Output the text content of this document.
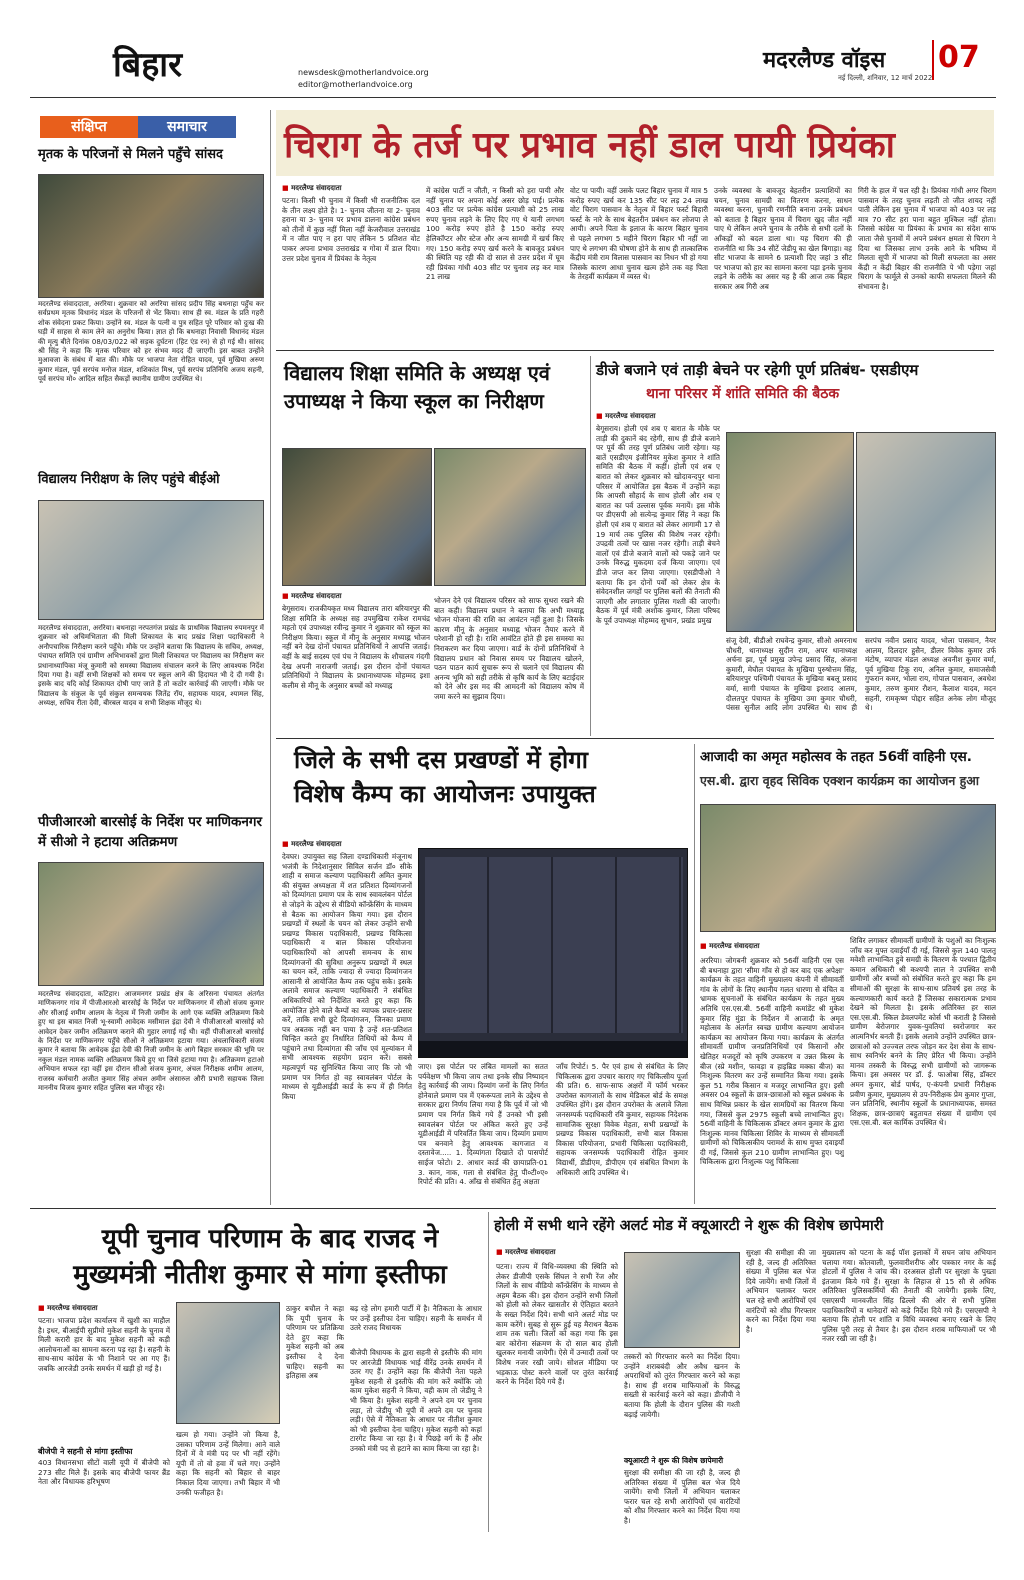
बिहार	newsdesk@motherlandvoice.org
editor@motherlandvoice.org
मदरलैण्ड वॉइस 07
नई दिल्ली, शनिवार, 12 मार्च 2022
संक्षिप्त	समाचार
मृतक के परिजनों से मिलने पहुँचे सांसद
मदरलैण्ड संवाददाता, अररिया। शुक्रवार को अररिया सांसद प्रदीप सिंह बथनाहा पहुँच कर सर्वप्रथम मृतक विधानंद मंडल के परिजनों से भेंट किया। साथ ही स्व. मंडल के प्रति गहरी शोक संवेदना प्रकट किया। उन्होंने स्व. मंडल के पत्नी व पुत्र सहित पूरे परिवार को दुःख की घड़ी में साहस से काम लेने का अनुरोध किया। ज्ञात हो कि बथनाहा निवासी विधानंद मंडल की मृत्यु बीते दिनांक 08/03/022 को सड़क दुर्घटना (हिट एंड रन) से हो गई थी। सांसद श्री सिंह ने कहा कि मृतक परिवार को हर संभव मदद दी जाएगी। इस बाबत उन्होंने मुआवजा के संबंध में बात की। मौके पर भाजपा नेता रोहित यादव, पूर्व मुखिया अरुण कुमार मंडल, पूर्व सरपंच मनोज मंडल, शशिकांत मिश्र, पूर्व सरपंच प्रतिनिधि अजय सहनी, पूर्व सरपंच मो० आदिल सहित सैकड़ों स्थानीय ग्रामीण उपस्थित थे।
विद्यालय निरीक्षण के लिए पहुंचे बीईओ
मदरलैण्ड संवाददाता, अररिया। बथनाहा नरपतगंज प्रखंड के प्राथमिक विद्यालय रुपमनपुर में शुक्रवार को अचिमभिताता की मिली शिकायत के बाद प्रखंड शिक्षा पदाधिकारी ने अनौपचारिक निरीक्षण करने पहुँचे। मौके पर उन्होंने बताया कि विद्यालय के सचिव, अध्यक्ष, पंचायत समिति एवं ग्रामीण अभिभावकों द्वारा मिली शिकायत पर विद्यालय का निरीक्षण कर प्रधानाध्यापिका मंजू कुमारी को समस्या विद्यालय संचालन करने के लिए आवश्यक निर्देश दिया गया है। वहीं सभी शिक्षकों को समय पर स्कूल आने की हिदायत भी दे दी गयी है। इसके बाद यदि कोई शिकायत दोषी पाए जाते हैं तो कठोर कार्रवाई की जाएगी। मौके पर विद्यालय के संकुल के पूर्व संकुल समन्वयक जितेंद्र रॉय, सहायक यादव, श्यामल सिंह, अध्यक्ष, सचिव रीता देवी, बीरबल यादव व सभी शिक्षक मौजूद थे।
पीजीआरओ बारसोई के निर्देश पर माणिकनगर में सीओ ने हटाया अतिक्रमण
मदरलैण्ड संवाददाता, कटिहार। आजमनगर प्रखंड क्षेत्र के अरिसना पंचायत अंतर्गत माणिकनगर गांव में पीजीआरओ बारसोई के निर्देश पर माणिकनगर में सीओ संजय कुमार और सीआई शमीम आलम के नेतृत्व में निजी जमीन के आगे एक व्यक्ति अतिक्रमण किये हुए था इस बावत निजी भू-स्वामी आवेदक मसीमाल इंद्रा देवी ने पीजीआरओ बारसोई को आवेदन देकर जमीन अतिक्रमण कराने की गुहार लगाई गई थी। वहीं पीजीआरओ बारसोई के निर्देश पर माणिकनगर पहुँचे सीओ ने अतिक्रमण हटाया गया। अंचलाधिकारी संजय कुमार ने बताया कि आवेदक इंद्रा देवी की निजी जमीन के आगे बिहार सरकार की भूमि पर नकुल मंडल नामक व्यक्ति अतिक्रमण किये हुए था जिसे हटाया गया है। अतिक्रमण हटाओ अभियान सफल रहा वहीं इस दौरान सीओ संजय कुमार, अंचल निरीक्षक शमीम आलम, राजस्व कर्मचारी अजीत कुमार सिंह अंचल अमीन अंसारुल औरी प्रभारी सहायक जिला माननीय विजय कुमार सहित पुलिस बल मौजूद रहे।
चिराग के तर्ज पर प्रभाव नहीं डाल पायी प्रियंका
■ मदरलैण्ड संवाददाता
पटना। किसी भी चुनाव में किसी भी राजनीतिक दल के तीन लक्ष्य होते है। 1- चुनाव जीतना या 2- चुनाव हराना या 3- चुनाव पर प्रभाव डालना कांग्रेस प्रबंधन को तीनों में कुछ नहीं मिला नहीं केजरीवाल उत्तराखंड में न जीत पाए न हरा पाए लेकिन 5 प्रतिशत वोट पाकर अपना प्रभाव उत्तराखंड व गोवा में डाल दिया। उत्तर प्रदेश चुनाव में प्रियंका के नेतृत्व
में कांग्रेस पार्टी न जीती, न किसी को हरा पायी और नहीं चुनाव पर अपना कोई असर छोड़ पाई। प्रत्येक 403 सीट पर प्रत्येक कांग्रेस प्रत्याशी को 25 लाख रुपए चुनाव लड़ने के लिए दिए गए थे यानी लगभग 100 करोड़ रुपए होते है 150 करोड़ रुपए हेलिकॉप्टर और स्टेज और अन्य सामग्री में खर्च किए गए। 150 करोड़ रुपए खर्च करने के बावजूद प्रबंधन की स्थिति यह रही की दो साल से उत्तर प्रदेश में घूम रही प्रियंका गांधी 403 सीट पर चुनाव लड़ कर मात्र 21 लाख
वोट पा पायी। वहीं उसके पलट बिहार चुनाव में मात्र 5 करोड़ रुपए खर्च कर 135 सीट पर लड़ 24 लाख वोट चिराग पासवान के नेतृत्व में बिहार फर्स्ट बिहारी फर्स्ट के नारे के साथ बेहतरीन प्रबंधन कर लोजपा ले आयी। अपने पिता के इलाज के कारण बिहार चुनाव से पहले लगभग 5 महीने चिराग बिहार भी नहीं जा पाए थे लगभग की घोषणा होने के साथ ही तात्कालिक केंद्रीय मंत्री राम विलास पासवान का निधन भी हो गया जिसके कारण आधा चुनाव खत्म होने तक वह पिता के तेरहवीं कार्यक्रम में व्यस्त थे।
उनके व्यवस्था के बावजूद बेहतरीन प्रत्याशियों का चयन, चुनाव सामग्री का वितरण करना, साधन व्यवस्था करना, चुनावी रणनीति बनाना उनके प्रबंधन को बताता है बिहार चुनाव में चिराग खुद जीत नहीं पाए थे लेकिन अपने चुनाव के तरीके से सभी दलों के आँकड़ों को बदल डाला था। यह चिराग की ही राजनीति था कि 34 सीटें जेडीयू का खेल बिगाड़ा। वह सीट भाजपा के सामने 6 प्रत्याशी दिए जहां 3 सीट पर भाजपा को हार का सामना करना पड़ा इनके चुनाव लड़ने के तरीके का असर यह है की आज तक बिहार सरकार अब गिरी अब
गिरी के हाल में चल रही है। प्रियंका गांधी अगर चिराग पासवान के तरह चुनाव लड़ती तो जीत शायद नहीं पाती लेकिन इस चुनाव में भाजपा को 403 पर लड़ मात्र 70 सीट हरा पाना बहुत मुश्किल नहीं होता। जिससे कांग्रेस या प्रियंका के प्रभाव का संदेश साफ जाता जैसे चुनावों में अपने प्रबंधन क्षमता से चिराग ने दिया था जिसका लाभ उनके आने के भविष्य में मिलता सूपी में भाजपा को मिली सफलता का असर केंद्री न केंद्री बिहार की राजनीति पे भी पड़ेगा जहां चिराग के फार्मूले से उनको काफी सफलता मिलने की संभावना है।
विद्यालय शिक्षा समिति के अध्यक्ष एवं
उपाध्यक्ष ने किया स्कूल का निरीक्षण
■ मदरलैण्ड संवाददाता
बेगूसराय। राजकीयकृत मध्य विद्यालय तारा बरियारपुर की शिक्षा समिति के अध्यक्ष सह उपमुखिया राकेश रामचंद्र महतो एवं उपाध्यक्ष रवीन्द्र कुमार ने शुक्रवार को स्कूल का निरीक्षण किया। स्कूल में मीनू के अनुसार मध्याह्न भोजन नहीं बने देख दोनों पंचायत प्रतिनिधियों ने आपत्ति जताई। वहीं के बाई सदस्य एवं पंच ने विद्यालय के शौचालय गंदगी देख अपनी नाराजगी जताई। इस दौरान दोनों पंचायत प्रतिनिधियों ने विद्यालय के प्रधानाध्यापक मोहम्मद इशा कलीम से मीनू के अनुसार बच्चों को मध्याह्न
भोजन देने एवं विद्यालय परिसर को साफ सुथरा रखने की बात कही। विद्यालय प्रधान ने बताया कि अभी मध्याह्न भोजन योजना की राशि का आवंटन नहीं हुआ है। जिसके कारण मीनू के अनुसार मध्याह्न भोजन तैयार करने में परेशानी हो रही है। राशि आवंटित होते ही इस समस्या का निराकरण कर दिया जाएगा। वार्ड के दोनों प्रतिनिधियों ने विद्यालय प्रधान को निवास समय पर विद्यालय खोलने, पठन पाठन कार्य सुचारू रूप से चलाने एवं विद्यालय की अनन्य भूमि को सही तरीके से कृषि कार्य के लिए बटाईदार को देने और इस मद की आमदनी को विद्यालय कोष में जमा करने का सुझाव दिया।
डीजे बजाने एवं ताड़ी बेचने पर रहेगी पूर्ण प्रतिबंध- एसडीएम
थाना परिसर में शांति समिति की बैठक
■ मदरलैण्ड संवाददाता
बेगूसराय। होली एवं शब ए बारात के मौके पर ताड़ी की दुकानें बंद रहेगी, साथ ही डीजे बजाने पर पूर्व की तरह पूर्ण प्रतिबंध जारी रहेगा। यह बातें एसडीएम इंजीनियर मुकेश कुमार ने शांति समिति की बैठक में कहीं। होली एवं शब ए बारात को लेकर शुक्रवार को खोदावन्दपुर थाना परिसर में आयोजित इस बैठक में उन्होंने कहा कि आपसी सौहार्द के साथ होली और शब ए बारात का पर्व उल्लास पूर्वक मनायें। इस मौके पर डीएसपी ओ सत्येन्द्र कुमार सिंह ने कहा कि होली एवं शब ए बारात को लेकर आगामी 17 से 19 मार्च तक पुलिस की विशेष नजर रहेगी। उपद्रवी तत्वों पर खास नजर रहेगी। ताड़ी बेचने वालों एवं डीजे बजाने वालों को पकड़े जाने पर उनके विरुद्ध मुकदमा दर्ज किया जाएगा। एवं डीजे जप्त कर लिया जाएगा। एसडीपीओ ने बताया कि इन दोनों पर्वों को लेकर क्षेत्र के संवेदनशील जगहों पर पुलिस बलों की तैनाती की जाएगी और लगातार पुलिस गश्ती की जाएगी। बैठक में पूर्व मंत्री अशोक कुमार, जिला परिषद के पूर्व उपाध्यक्ष मोहम्मद सुभान, प्रखंड प्रमुख
संजू देवी, बीडीओ राघवेन्द्र कुमार, सीओ अमरनाथ चौधरी, थानाध्यक्ष सुदीन राम, अपर थानाध्यक्ष अर्चना झा, पूर्व प्रमुख उपेन्द्र प्रसाद सिंह, अंजना कुमारी, मेघौल पंचायत के मुखिया पुरुषोत्तम सिंह, बरियारपुर पश्चिमी पंचायत के मुखिया बबलू प्रसाद वर्मा, सागी पंचायत के मुखिया इरशाद आलम, दौलतपुर पंचायत के मुखिया उमा कुमार चौधरी, पंसस सुनील आदि लोग उपस्थित थे। साथ ही सरपंच नवीन प्रसाद यादव, भोला पासवान, नैयर आलम, दिलदार हुसैन, डीलर विवेक कुमार उर्फ मंटोष, व्यापार मंडल अध्यक्ष अवनीश कुमार वर्मा, पूर्व मुखिया टिकू राय, अनिल कुमार, समाजसेवी गुफरान कमर, भोला राय, गोपाल पासवान, अवधेश कुमार, तरुण कुमार रौशन, कैलाश यादव, मदन सहनी, रामकृष्ण पोद्दार सहित अनेक लोग मौजूद थे।
जिले के सभी दस प्रखण्डों में होगा
विशेष कैम्प का आयोजनः उपायुक्त
■ मदरलैण्ड संवाददाता
देवघर। उपायुक्त सह जिला दण्डाधिकारी मंजूनाथ भजंत्री के निदेशानुसार सिविल सर्जन डॉ० सीके शाही व समाज कल्याण पदाधिकारी अमित कुमार की संयुक्त अध्यक्षता में शत प्रतिशत दिव्यांगजनों को दिव्यांगता प्रमाण पत्र के साथ स्वावलंबन पोर्टल से जोड़ने के उद्देश्य से वीडियो कॉन्फ्रेंसिंग के माध्यम से बैठक का आयोजन किया गया। इस दौरान प्रखण्डों में स्थलों के चयन को लेकर उन्होंने सभी प्रखण्ड विकास पदाधिकारी, प्रखण्ड चिकित्सा पदाधिकारी व बाल विकास परियोजना पदाधिकारियों को आपसी समन्वय के साथ दिव्यांगजनों की सुविधा अनुरूप प्रखण्डों में स्थल का चयन करें, ताकि ज्यादा से ज्यादा दिव्यांगजन आसानी से आयोजित कैम्प तक पहुंच सके। इसके अलावे समाज कल्याण पदाधिकारी ने संबंधित अधिकारियों को निर्देशित करते हुए कहा कि आयोजित होने वाले कैम्पों का व्यापक प्रचार-प्रसार करें, ताकि सभी छूटे दिव्यांगजन, जिनका प्रमाण पत्र अबतक नहीं बन पाया है उन्हें शत-प्रतिशत चिन्हित करते हुए निर्धारित तिथियों को कैम्प में पहुंचाने तथा दिव्यांगता की जाँच एवं मूल्यांकन में सभी आवश्यक सहयोग प्रदान करें। सबसे महत्वपूर्ण यह सुनिश्चित किया जाए कि जो भी प्रमाण पत्र निर्गत हो वह स्वावलंबन पोर्टल के माध्यम से यूडीआईडी कार्ड के रूप में ही निर्गत किया
जाए। इस पोर्टल पर लंबित मामलों का सतत पर्यवेक्षण भी किया जाय तथा इनके सीघ्र निष्पादन हेतु कार्रवाई की जाय। दिव्यांग जनों के लिए निर्गत होनेवाले प्रमाण पत्र में एकरूपता लाने के उद्देश्य से सरकार द्वारा निर्णय लिया गया है कि पूर्व में जो भी प्रमाण पत्र निर्गत किये गये हैं उनको भी इसी स्वावलंबन पोर्टल पर अंकित करते हुए उन्हें यूडीआईडी में परिवर्तित किया जाय। दिव्यांग प्रमाण पत्र बनवाने हेतु आवश्यक कागजात व दस्तावेज..... 1. दिव्यांगता दिखाते दो पासपोर्ट साईज फोटो। 2. आधार कार्ड की छायाप्रति-01 3. कान, नाक, गला से संबंधित हेतु पी०टी०ए० रिपोर्ट की प्रति। 4. आँख से संबंधित हेतु अक्षता
जाँच रिपोर्ट। 5. पैर एवं हाथ से संबंधित के लिए चिकित्सक द्वारा उपचार काराए गए चिकित्सीय पूर्जा की प्रति। 6. साफ-साफ अक्षरों में फॉर्म भरकर उपरोक्त कागजातों के साथ मेडिकल बोर्ड के समक्ष उपस्थित होंगे। इस दौरान उपरोक्त के अलावे जिला जनसम्पर्क पदाधिकारी रवि कुमार, सहायक निदेशक सामाजिक सुरक्षा विवेक मेहता, सभी प्रखण्डों के प्रखण्ड विकास पदाधिकारी, सभी बाल विकास विकास परियोजना, प्रभारी चिकित्सा पदाधिकारी, सहायक जनसम्पर्क पदाधिकारी रोहित कुमार विद्यार्थी, डीडीएम, डीपीएम एवं संबंधित विभाग के अधिकारी आदि उपस्थित थे।
आजादी का अमृत महोत्सव के तहत 56वीं वाहिनी एस.
एस.बी. द्वारा वृहद सिविक एक्शन कार्यक्रम का आयोजन हुआ
■ मदरलैण्ड संवाददाता
अररिया। जोगबनी शुक्रवार को 56वीं वाहिनी एस एस बी बथनाहा द्वारा 'सीमा गाँव से हो कर बाद एक अपेक्षा' कार्यक्रम के तहत वाहिनी मुख्यालय कंपनी में सीमावर्ती गांव के लोगों के लिए स्थानीय गलत धारणा से वंचित व भ्रामक सूचनाओं के संबंधित कार्यक्रम के तहत मुख्य अतिथि एस.एस.बी. 56वीं वाहिनी कमांडेंट श्री मुकेश कुमार सिंह मुंडा के निर्देशन में आजादी के अमृत महोत्सव के अंतर्गत स्वच्छ ग्रामीण कल्याण आयोजन कार्यक्रम का आयोजन किया गया। कार्यक्रम के अंतर्गत सीमावर्ती ग्रामीण जनप्रतिनिधियों एवं किसानों और खेतिहर मजदूरों को कृषि उपकरण व उन्नत किस्म के बीज (स्प्रे मशीन, फावड़ा व हाइब्रिड मक्का बीज) का निःशुल्क वितरण कर उन्हें सम्मानित किया गया। इसके कुल 51 गरीब किसान व मजदूर लाभान्वित हुए। इसी अवसर 04 स्कूलों के छात्र-छात्राओं को स्कूल प्रबंधक के साथ विभिन्न प्रकार के खेल सामग्रियों का वितरण किया गया, जिससे कुल 2975 स्कूली बच्चे लाभान्वित हुए। 56वीं वाहिनी के चिकित्सक डॉक्टर अमन कुमार के द्वारा निःशुल्क मानव चिकित्सा शिविर के माध्यम से सीमावर्ती ग्रामीणों को चिकित्सकीय परामर्श के साथ मुफ्त दवाइयाँ दी गई, जिससे कुल 210 ग्रामीण लाभान्वित हुए। पशु चिकित्सक द्वारा निःशुल्क पशु चिकित्सा
शिविर लगाकर सीमावर्ती ग्रामीणों के पशुओं का निःशुल्क जाँच कर मुफ्त दवाईयाँ दी गई, जिससे कुल 140 पालतू मवेशी लाभान्वित हुवे समग्री के वितरण के पश्चात द्वितीय कमान अधिकारी श्री कश्यपी लाल ने उपस्थित सभी ग्रामीणों और बच्चों को संबोधित करते हुए कहा कि हम सीमाओं की सुरक्षा के साथ-साथ प्रतिवर्ष इस तरह के कल्याणकारी कार्य करते हैं जिसका सकारात्मक प्रभाव देखने को मिलता है। इसके अतिरिक्त हर साल एस.एस.बी. स्किल डेवलपमेंट कोर्स भी कराती है जिससे ग्रामीण बेरोजगार युवक-युवतियां स्वरोजगार कर आत्मनिर्भर बनती हैं। इसके अलावे उन्होंने उपस्थित छात्र-छात्राओं को उज्ज्वल तरफ जोड़न कर देश सेवा के साथ-साथ स्वनिर्भर बनने के लिए प्रेरित भी किया। उन्होंने मानव तस्करी के विरुद्ध सभी ग्रामीणों को जागरूक किया। इस अवसर पर डॉ. ई. फाओबा सिंह, डॉक्टर अमन कुमार, बोर्ड पार्षद, ए-कंपनी प्रभारी निरीक्षक प्रवीण कुमार, मुख्यालय से उप-निरीक्षक प्रेम कुमार गुप्ता, जन प्रतिनिधि, स्थानीय स्कूलों के प्रधानाध्यापक, समस्त शिक्षक, छात्र-छात्राएं बहुतायत संख्या में ग्रामीण एवं एस.एस.बी. बल कार्मिक उपस्थित थे।
यूपी चुनाव परिणाम के बाद राजद ने
मुख्यमंत्री नीतीश कुमार से मांगा इस्तीफा
■ मदरलैण्ड संवाददाता
पटना। भाजपा प्रदेश कार्यालय में खुशी का माहौल है। इधर, बीआईपी सुप्रीमो मुकेश सहनी के चुनाव में मिली करारी हार के बाद मुकेश सहनी को कड़ी आलोचनाओं का सामना करना पड़ रहा है। सहनी के साथ-साथ कांग्रेस के भी निशाने पर आ गए हैं। जबकि आरजेडी उनके समर्थन में खड़ी हो गई है।
बीजेपी ने सहनी से मांगा इस्तीफा
403 विधानसभा सीटों वाली यूपी में बीजेपी को 273 सीट मिले हैं। इसके बाद बीजेपी फायर ब्रैंड नेता और विधायक हरिभूषण
खत्म हो गया। उन्होंने जो किया है, उसका परिणाम उन्हें मिलेगा। आने वाले दिनों में वे मंत्री पद पर भी नहीं रहेंगे। यूपी में तो वो हवा में चले गए। उन्होंने कहा कि सहनी को बिहार से बाहर निकाल दिया जाएगा। तभी बिहार में भी उनकी फजीहत है।
ठाकुर बचौल ने कहा कि यूपी चुनाव के परिणाम पर प्रतिक्रिया देते हुए कहा कि मुकेश सहनी को अब इस्तीफा दे देना चाहिए। सहनी का इतिहास अब
बढ़ रहे लोग हमारी पार्टी में है। नैतिकता के आधार पर उन्हें इस्तीफा देना चाहिए। सहनी के समर्थन में उतरे राजद विधायक
बीजेपी विधायक के द्वारा सहनी से इस्तीफे की मांग पर आरजेडी विधायक भाई वीरेंद्र उनके समर्थन में उतर गए हैं। उन्होंने कहा कि बीजेपी नेता पहले मुकेश सहनी से इस्तीफे की मांग करें क्योंकि जो काम मुकेश सहनी ने किया, वही काम तो जेडीयू ने भी किया है। मुकेश सहनी ने अपने दम पर चुनाव लड़ा, तो जेडीयू भी यूपी में अपने दम पर चुनाव लड़ी। ऐसे में नैतिकता के आधार पर नीतीश कुमार को भी इस्तीफा देना चाहिए। मुकेश सहनी को कहां टारगेट किया जा रहा है। वे पिछड़े वर्ग के हैं और उनको मंत्री पद से हटाने का काम किया जा रहा है।
होली में सभी थाने रहेंगे अलर्ट मोड में क्यूआरटी ने शुरू की विशेष छापेमारी
■ मदरलैण्ड संवाददाता
पटना। राज्य में विधि-व्यवस्था की स्थिति को लेकर डीजीपी एसके सिंघल ने सभी रेंज और जिलों के साथ वीडियो कॉन्फ्रेंसिंग के माध्यम से अहम बैठक की। इस दौरान उन्होंने सभी जिलों को होली को लेकर खासतौर से ऐतिहात बरतने के सख्त निर्देश दिये। सभी थाने अलर्ट मोड पर काम करेंगे। सुबह से सुरू हुई यह मैराथन बैठक शाम तक चली। जिलों को कहा गया कि इस बार कोरोना संक्रमण के दो साल बाद होली खुलकर मनायी जायेगी। ऐसे में उन्मादी तत्वों पर विशेष नजर रखी जाये। सोशल मीडिया पर भड़काऊ पोस्ट करने वालों पर तुरंत कार्रवाई करने के निर्देश दिये गये हैं।
तस्करों को गिरफ्तार करने का निर्देश दिया। उन्होंने शराबबंदी और अवैध खनन के अपराधियों को तुरंत गिरफ्तार करने को कहा है। साथ ही शराब माफियाओं के विरुद्ध सख्ती से कार्रवाई करने को कहा। डीजीपी ने बताया कि होली के दौरान पुलिस की गश्ती बढ़ाई जायेगी।
क्यूआरटी ने शुरू की विशेष छापेमारी
सुरक्षा की समीक्षा की जा रही है, जल्द ही अतिरिक्त संख्या में पुलिस बल भेज दिये जायेंगे। सभी जिलों में अभियान चलाकर फरार चल रहे सभी आरोपियों एवं वारंटियों को शीघ्र गिरफ्तार करने का निर्देश दिया गया है।
सुरक्षा की समीक्षा की जा रही है, जल्द ही अतिरिक्त संख्या में पुलिस बल भेज दिये जायेंगे। सभी जिलों में अभियान चलाकर फरार चल रहे सभी आरोपियों एवं वारंटियों को शीघ्र गिरफ्तार करने का निर्देश दिया गया है।
मुख्यालय को पटना के कई पॉश इलाकों में सघन जांच अभियान चलाया गया। कोतवाली, फुलवारीशरीफ और पत्रकार नगर के कई होटलों में पुलिस ने जांच की। दरअसल होली पर सुरक्षा के पुख्ता इंतजाम किये गये हैं। सुरक्षा के लिहाज से 15 सौ से अधिक अतिरिक्त पुलिसकर्मियों की तैनाती की जायेगी। इसके लिए, एसएसपी मानवजीत सिंह ढिल्लो की ओर से सभी पुलिस पदाधिकारियों व थानेदारों को कड़े निर्देश दिये गये हैं। एसएसपी ने बताया कि होली पर शांति व विधि व्यवस्था बनाए रखने के लिए पुलिस पूरी तरह से तैयार है। इस दौरान शराब माफियाओं पर भी नजर रखी जा रही है।
